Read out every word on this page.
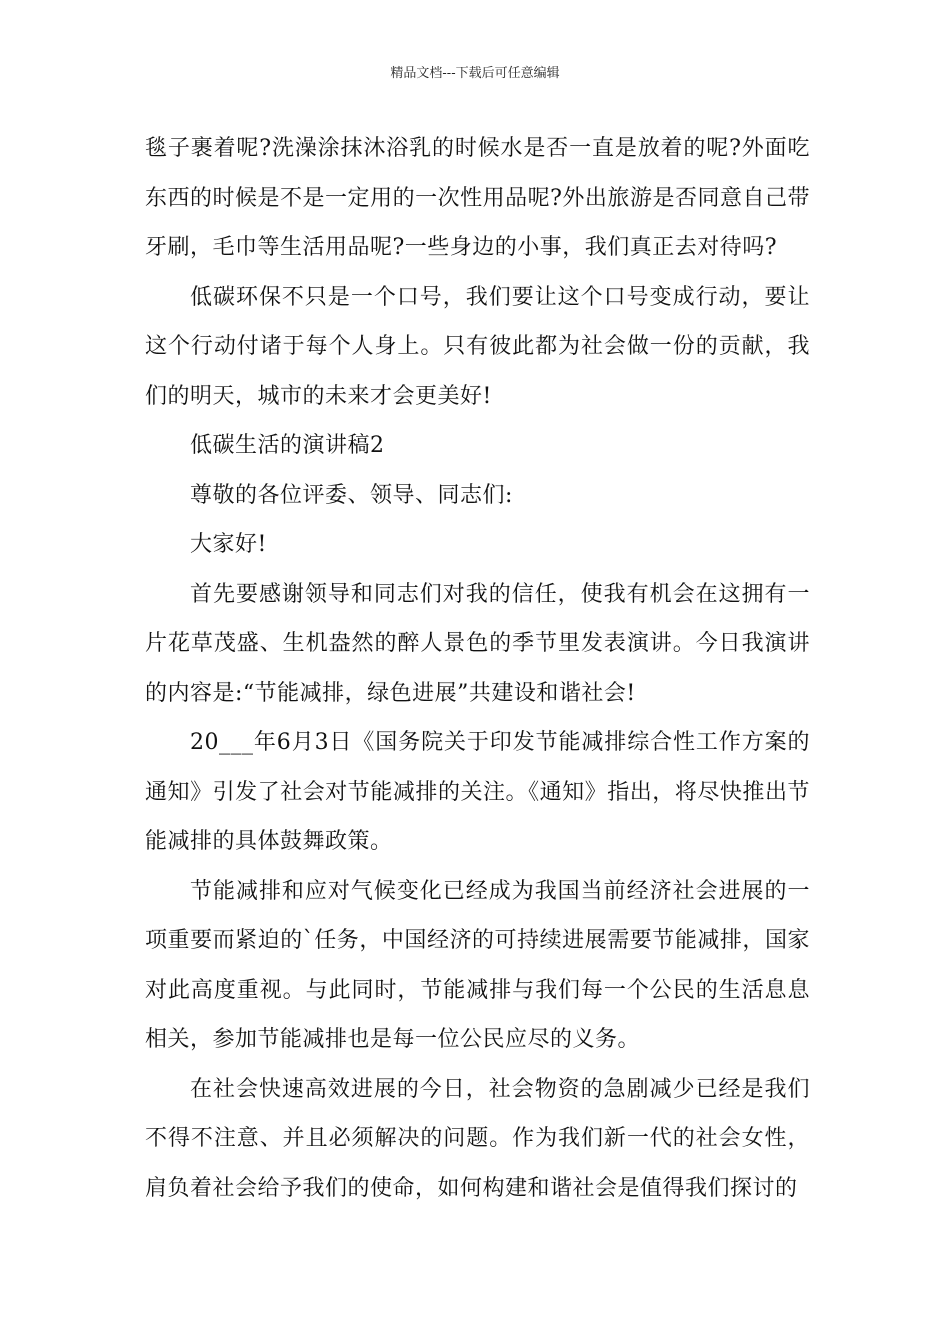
精品文档---下载后可任意编辑

毯子裹着呢?洗澡涂抹沐浴乳的时候水是否一直是放着的呢?外面吃东西的时候是不是一定用的一次性用品呢?外出旅游是否同意自己带牙刷，毛巾等生活用品呢?一些身边的小事，我们真正去对待吗?

低碳环保不只是一个口号，我们要让这个口号变成行动，要让这个行动付诸于每个人身上。只有彼此都为社会做一份的贡献，我们的明天，城市的未来才会更美好!

低碳生活的演讲稿2

尊敬的各位评委、领导、同志们:

大家好!

首先要感谢领导和同志们对我的信任，使我有机会在这拥有一片花草茂盛、生机盎然的醉人景色的季节里发表演讲。今日我演讲的内容是:“节能减排，绿色进展”共建设和谐社会!

20___年6月3日《国务院关于印发节能减排综合性工作方案的通知》引发了社会对节能减排的关注。《通知》指出，将尽快推出节能减排的具体鼓舞政策。

节能减排和应对气候变化已经成为我国当前经济社会进展的一项重要而紧迫的`任务，中国经济的可持续进展需要节能减排，国家对此高度重视。与此同时，节能减排与我们每一个公民的生活息息相关，参加节能减排也是每一位公民应尽的义务。

在社会快速高效进展的今日，社会物资的急剧减少已经是我们不得不注意、并且必须解决的问题。作为我们新一代的社会女性，肩负着社会给予我们的使命，如何构建和谐社会是值得我们探讨的
